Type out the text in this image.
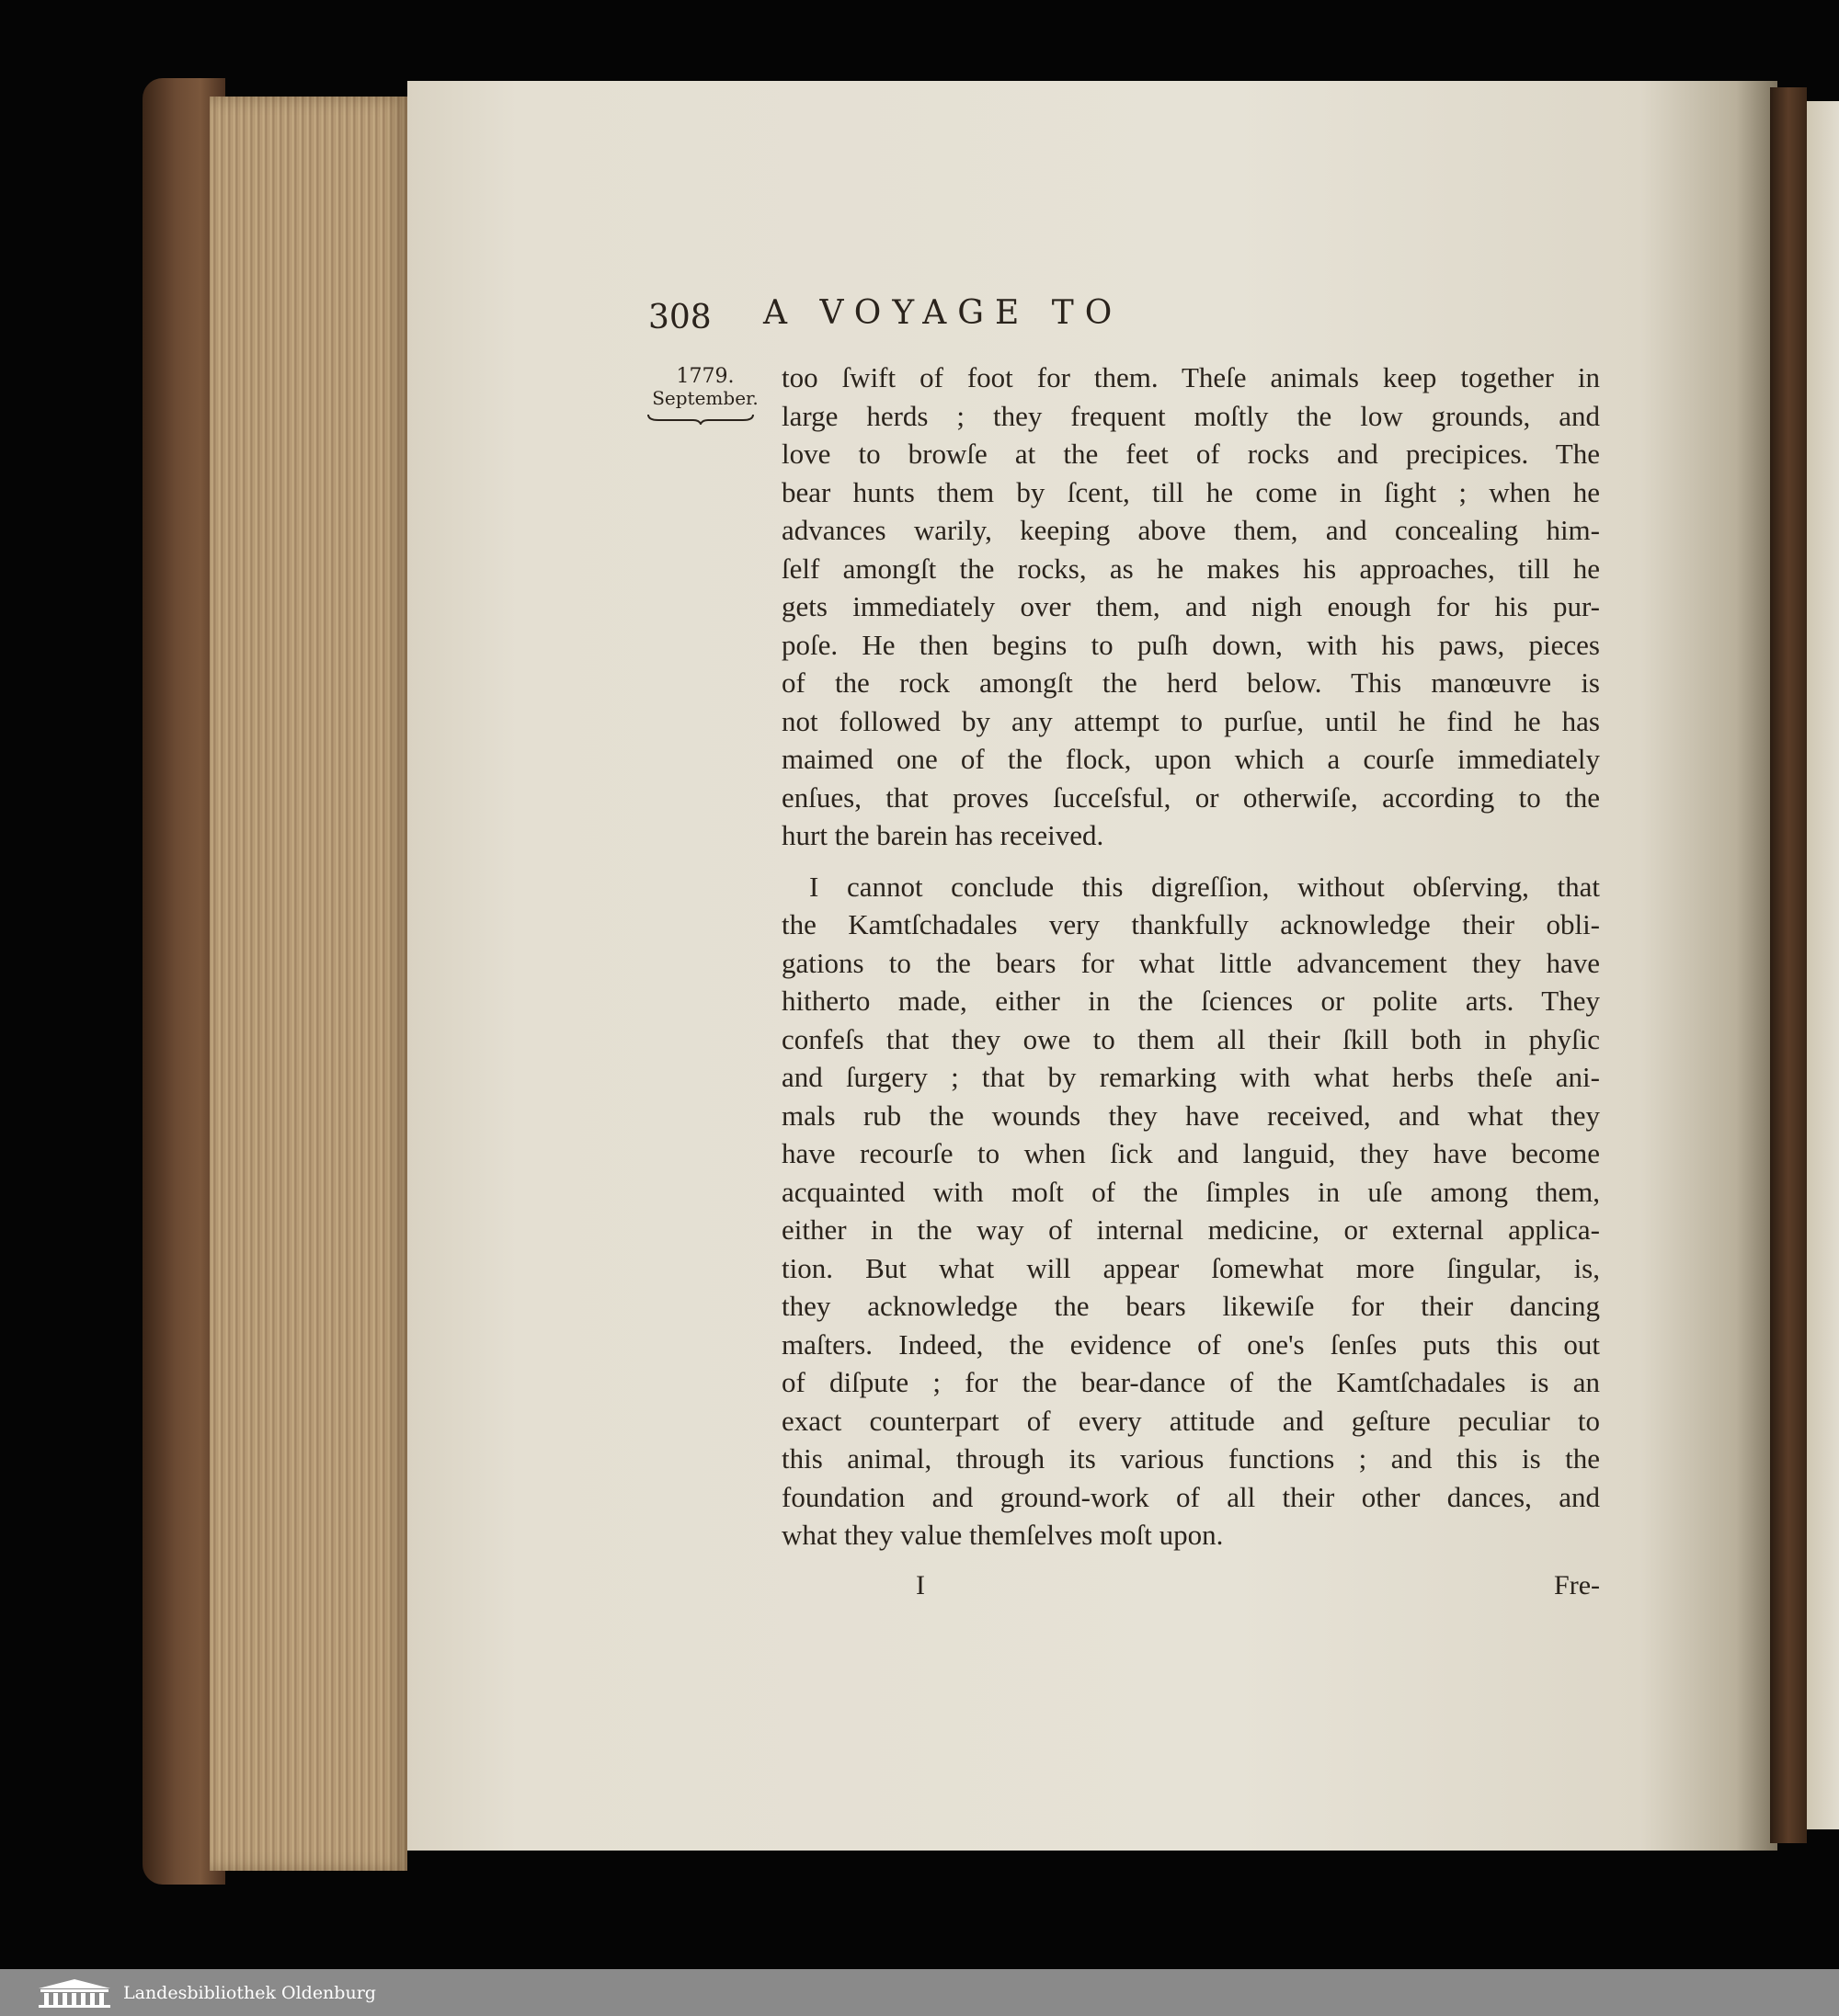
308 A VOYAGE TO

1779.
September.
too ſwift of foot for them. Theſe animals keep together in
large herds ; they frequent moſtly the low grounds, and
love to browſe at the feet of rocks and precipices. The
bear hunts them by ſcent, till he come in ſight ; when he
advances warily, keeping above them, and concealing him-
ſelf amongſt the rocks, as he makes his approaches, till he
gets immediately over them, and nigh enough for his pur-
poſe. He then begins to puſh down, with his paws, pieces
of the rock amongſt the herd below. This manœuvre is
not followed by any attempt to purſue, until he find he has
maimed one of the flock, upon which a courſe immediately
enſues, that proves ſucceſsful, or otherwiſe, according to the
hurt the barein has received.
I cannot conclude this digreſſion, without obſerving, that
the Kamtſchadales very thankfully acknowledge their obli-
gations to the bears for what little advancement they have
hitherto made, either in the ſciences or polite arts. They
confeſs that they owe to them all their ſkill both in phyſic
and ſurgery ; that by remarking with what herbs theſe ani-
mals rub the wounds they have received, and what they
have recourſe to when ſick and languid, they have become
acquainted with moſt of the ſimples in uſe among them,
either in the way of internal medicine, or external applica-
tion. But what will appear ſomewhat more ſingular, is,
they acknowledge the bears likewiſe for their dancing
maſters. Indeed, the evidence of one's ſenſes puts this out
of diſpute ; for the bear-dance of the Kamtſchadales is an
exact counterpart of every attitude and geſture peculiar to
this animal, through its various functions ; and this is the
foundation and ground-work of all their other dances, and
what they value themſelves moſt upon.
I	Fre-
Landesbibliothek Oldenburg
